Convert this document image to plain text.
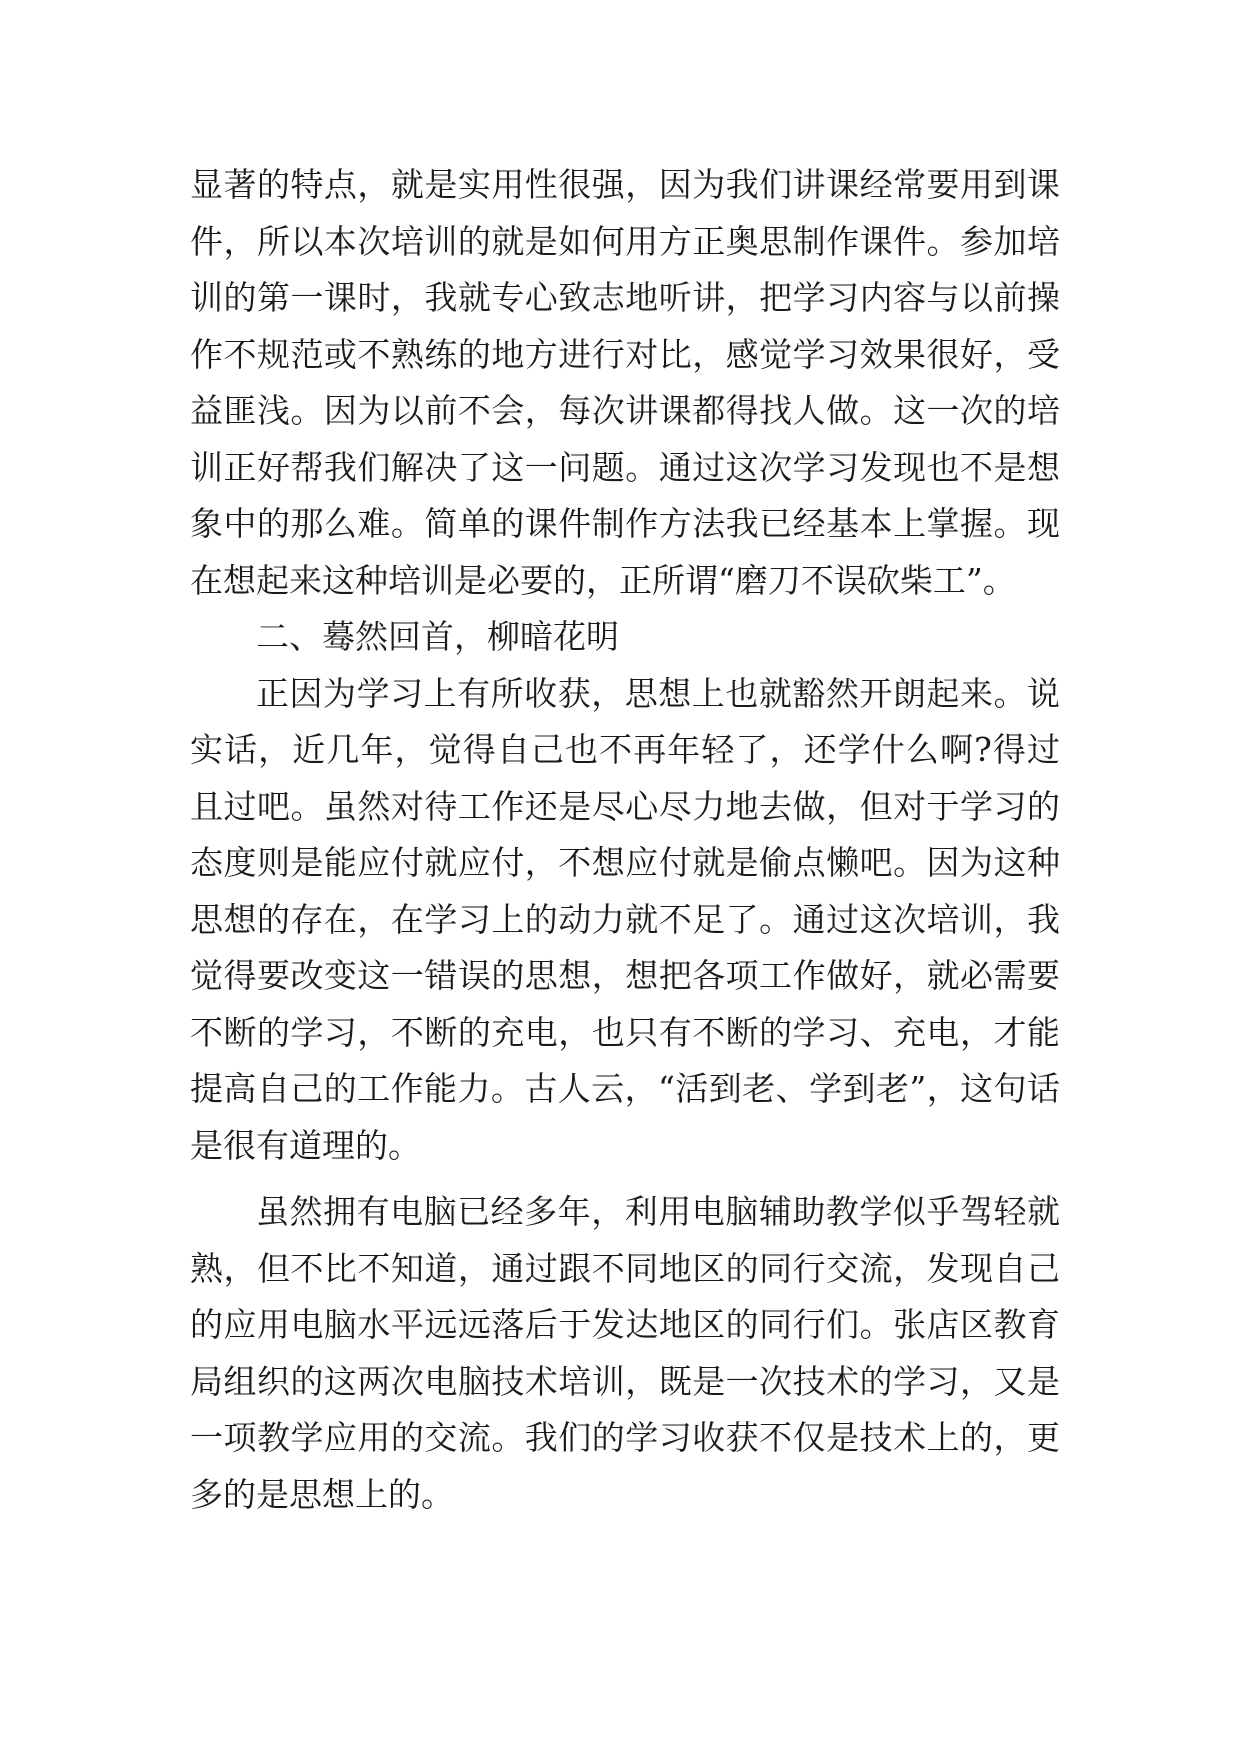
显著的特点，就是实用性很强，因为我们讲课经常要用到课
件，所以本次培训的就是如何用方正奥思制作课件。参加培
训的第一课时，我就专心致志地听讲，把学习内容与以前操
作不规范或不熟练的地方进行对比，感觉学习效果很好，受
益匪浅。因为以前不会，每次讲课都得找人做。这一次的培
训正好帮我们解决了这一问题。通过这次学习发现也不是想
象中的那么难。简单的课件制作方法我已经基本上掌握。现
在想起来这种培训是必要的，正所谓“磨刀不误砍柴工”。
二、蓦然回首，柳暗花明
正因为学习上有所收获，思想上也就豁然开朗起来。说
实话，近几年，觉得自己也不再年轻了，还学什么啊?得过
且过吧。虽然对待工作还是尽心尽力地去做，但对于学习的
态度则是能应付就应付，不想应付就是偷点懒吧。因为这种
思想的存在，在学习上的动力就不足了。通过这次培训，我
觉得要改变这一错误的思想，想把各项工作做好，就必需要
不断的学习，不断的充电，也只有不断的学习、充电，才能
提高自己的工作能力。古人云，“活到老、学到老”，这句话
是很有道理的。
虽然拥有电脑已经多年，利用电脑辅助教学似乎驾轻就
熟，但不比不知道，通过跟不同地区的同行交流，发现自己
的应用电脑水平远远落后于发达地区的同行们。张店区教育
局组织的这两次电脑技术培训，既是一次技术的学习，又是
一项教学应用的交流。我们的学习收获不仅是技术上的，更
多的是思想上的。
